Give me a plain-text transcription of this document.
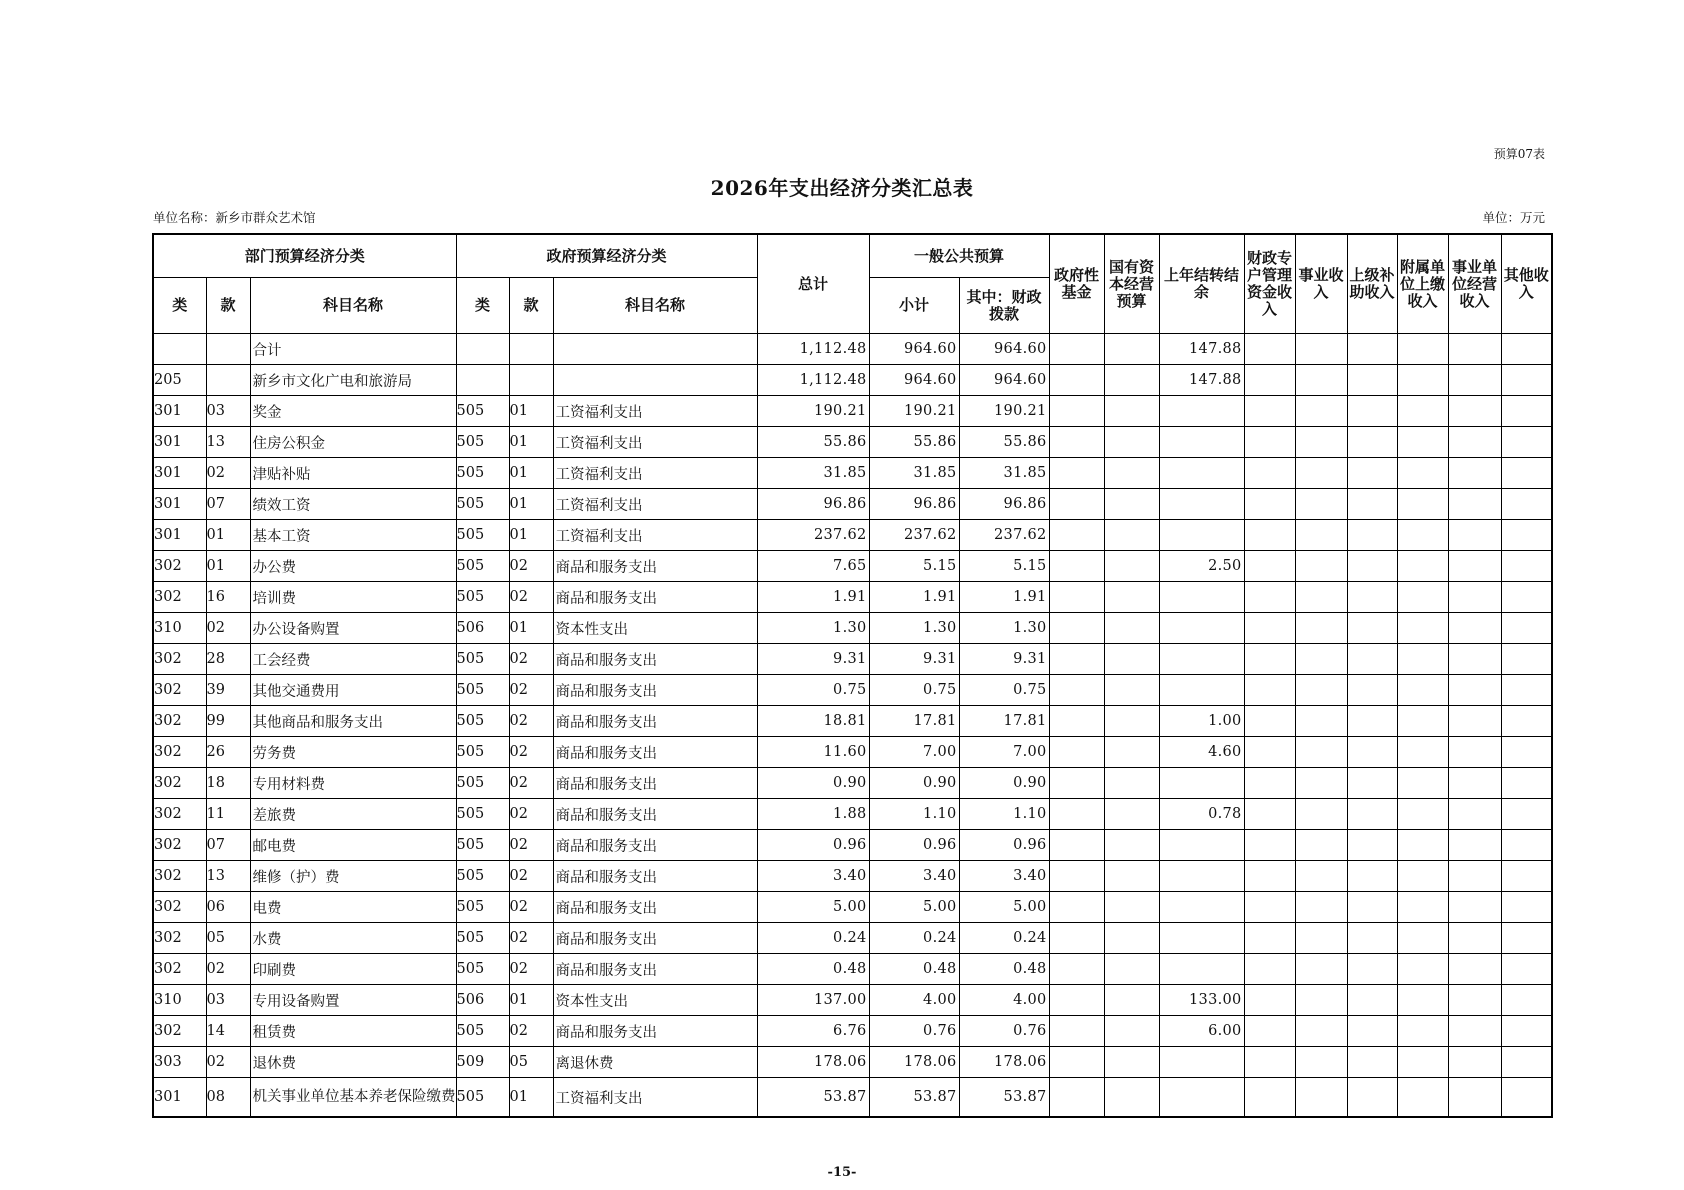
预算07表
2026年支出经济分类汇总表
单位名称：新乡市群众艺术馆	单位：万元
部门预算经济分类			政府预算经济分类			总计	一般公共预算		政府性基金	国有资本经营预算	上年结转结余	财政专户管理资金收入	事业收入	上级补助收入	附属单位上缴收入	事业单位经营收入	其他收入
类	款	科目名称	类	款	科目名称		小计	其中：财政拨款									
		合计				1,112.48	964.60	964.60			147.88						
205		新乡市文化广电和旅游局				1,112.48	964.60	964.60			147.88						
301	03	奖金	505	01	工资福利支出	190.21	190.21	190.21									
301	13	住房公积金	505	01	工资福利支出	55.86	55.86	55.86									
301	02	津贴补贴	505	01	工资福利支出	31.85	31.85	31.85									
301	07	绩效工资	505	01	工资福利支出	96.86	96.86	96.86									
301	01	基本工资	505	01	工资福利支出	237.62	237.62	237.62									
302	01	办公费	505	02	商品和服务支出	7.65	5.15	5.15			2.50						
302	16	培训费	505	02	商品和服务支出	1.91	1.91	1.91									
310	02	办公设备购置	506	01	资本性支出	1.30	1.30	1.30									
302	28	工会经费	505	02	商品和服务支出	9.31	9.31	9.31									
302	39	其他交通费用	505	02	商品和服务支出	0.75	0.75	0.75									
302	99	其他商品和服务支出	505	02	商品和服务支出	18.81	17.81	17.81			1.00						
302	26	劳务费	505	02	商品和服务支出	11.60	7.00	7.00			4.60						
302	18	专用材料费	505	02	商品和服务支出	0.90	0.90	0.90									
302	11	差旅费	505	02	商品和服务支出	1.88	1.10	1.10			0.78						
302	07	邮电费	505	02	商品和服务支出	0.96	0.96	0.96									
302	13	维修（护）费	505	02	商品和服务支出	3.40	3.40	3.40									
302	06	电费	505	02	商品和服务支出	5.00	5.00	5.00									
302	05	水费	505	02	商品和服务支出	0.24	0.24	0.24									
302	02	印刷费	505	02	商品和服务支出	0.48	0.48	0.48									
310	03	专用设备购置	506	01	资本性支出	137.00	4.00	4.00			133.00						
302	14	租赁费	505	02	商品和服务支出	6.76	0.76	0.76			6.00						
303	02	退休费	509	05	离退休费	178.06	178.06	178.06									
301	08	机关事业单位基本养老保险缴费	505	01	工资福利支出	53.87	53.87	53.87									
-15-
